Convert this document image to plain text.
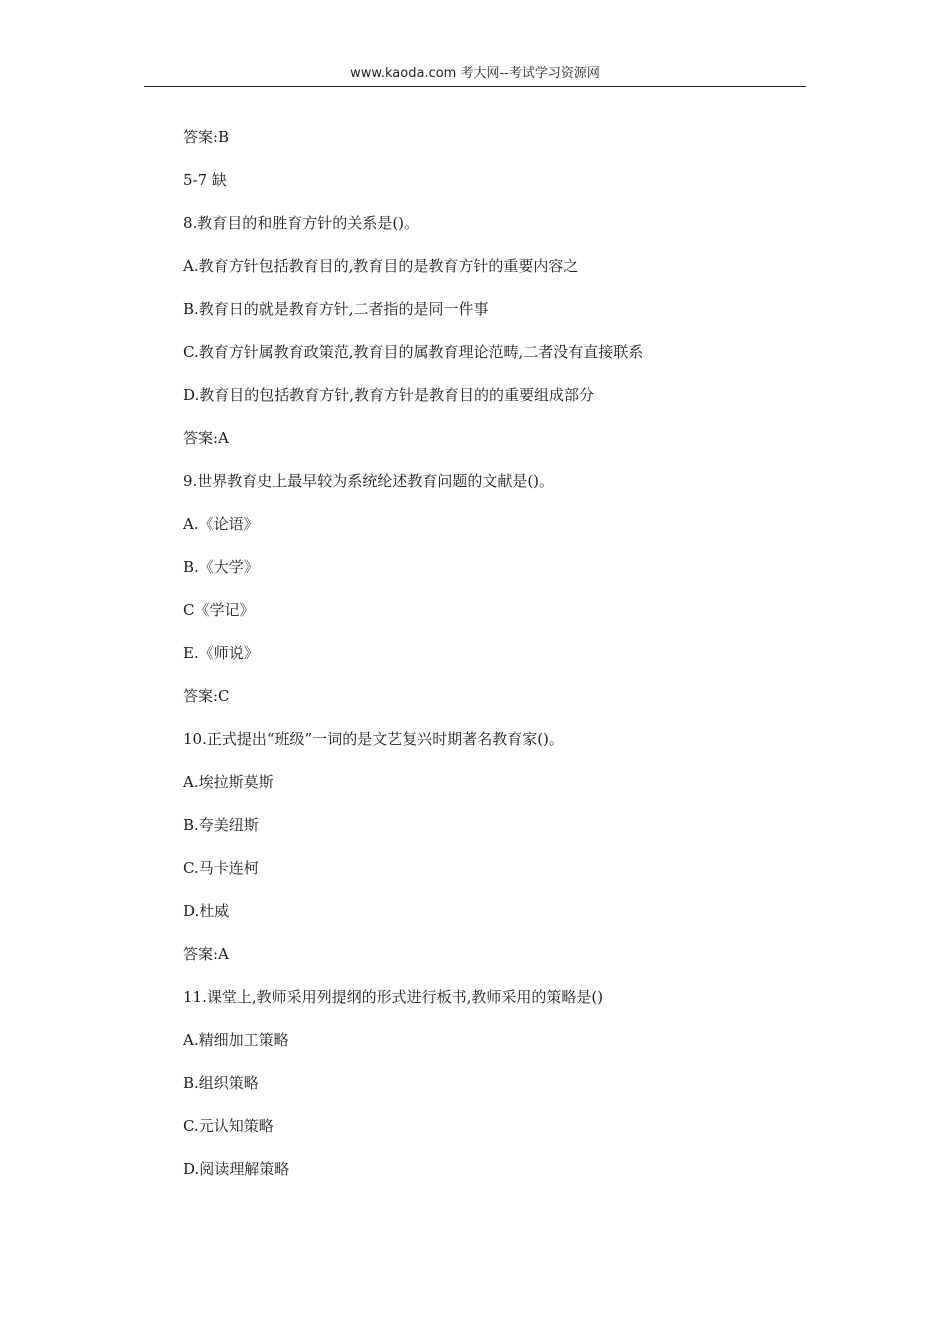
www.kaoda.com 考大网--考试学习资源网
答案:B
5-7 缺
8.教育目的和胜育方针的关系是()。
A.教育方针包括教育目的,教育目的是教育方针的重要内容之
B.教育日的就是教育方针,二者指的是同一件事
C.教育方针属教育政策范,教育目的属教育理论范畴,二者没有直接联系
D.教育目的包括教育方针,教育方针是教育目的的重要组成部分
答案:A
9.世界教育史上最早较为系统纶述教育问题的文献是()。
A.《论语》
B.《大学》
C《学记》
E.《师说》
答案:C
10.正式提出“班级”一词的是文艺复兴时期著名教育家()。
A.埃拉斯莫斯
B.夸美纽斯
C.马卡连柯
D.杜威
答案:A
11.课堂上,教师采用列提纲的形式进行板书,教师采用的策略是()
A.精细加工策略
B.组织策略
C.元认知策略
D.阅读理解策略
